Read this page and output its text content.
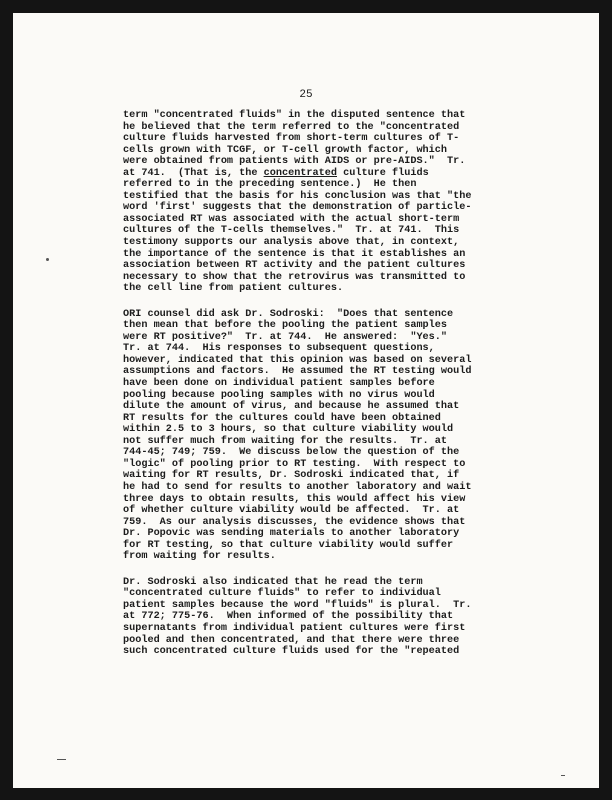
25

term "concentrated fluids" in the disputed sentence that
he believed that the term referred to the "concentrated
culture fluids harvested from short-term cultures of T-
cells grown with TCGF, or T-cell growth factor, which
were obtained from patients with AIDS or pre-AIDS."  Tr.
at 741.  (That is, the concentrated culture fluids
referred to in the preceding sentence.)  He then
testified that the basis for his conclusion was that "the
word 'first' suggests that the demonstration of particle-
associated RT was associated with the actual short-term
cultures of the T-cells themselves."  Tr. at 741.  This
testimony supports our analysis above that, in context,
the importance of the sentence is that it establishes an
association between RT activity and the patient cultures
necessary to show that the retrovirus was transmitted to
the cell line from patient cultures.
ORI counsel did ask Dr. Sodroski:  "Does that sentence
then mean that before the pooling the patient samples
were RT positive?"  Tr. at 744.  He answered:  "Yes."
Tr. at 744.  His responses to subsequent questions,
however, indicated that this opinion was based on several
assumptions and factors.  He assumed the RT testing would
have been done on individual patient samples before
pooling because pooling samples with no virus would
dilute the amount of virus, and because he assumed that
RT results for the cultures could have been obtained
within 2.5 to 3 hours, so that culture viability would
not suffer much from waiting for the results.  Tr. at
744-45; 749; 759.  We discuss below the question of the
"logic" of pooling prior to RT testing.  With respect to
waiting for RT results, Dr. Sodroski indicated that, if
he had to send for results to another laboratory and wait
three days to obtain results, this would affect his view
of whether culture viability would be affected.  Tr. at
759.  As our analysis discusses, the evidence shows that
Dr. Popovic was sending materials to another laboratory
for RT testing, so that culture viability would suffer
from waiting for results.
Dr. Sodroski also indicated that he read the term
"concentrated culture fluids" to refer to individual
patient samples because the word "fluids" is plural.  Tr.
at 772; 775-76.  When informed of the possibility that
supernatants from individual patient cultures were first
pooled and then concentrated, and that there were three
such concentrated culture fluids used for the "repeated
